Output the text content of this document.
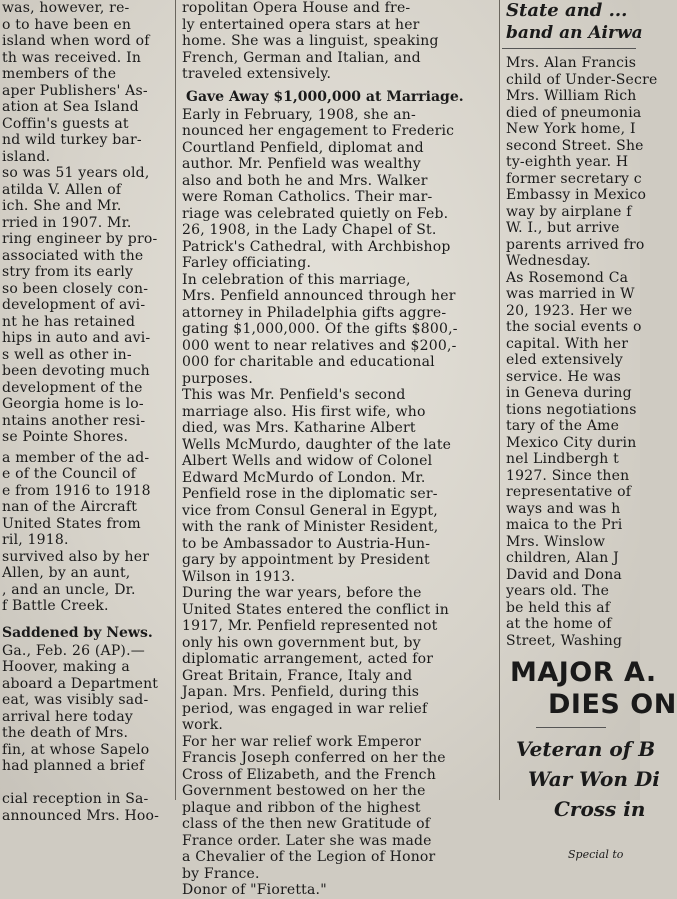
was, however, re-
o to have been en
island when word of
th was received. In
members of the
aper Publishers' As-
ation at Sea Island
Coffin's guests at
nd wild turkey bar-
island.
so was 51 years old,
atilda V. Allen of
ich. She and Mr.
rried in 1907. Mr.
ring engineer by pro-
associated with the
stry from its early
so been closely con-
development of avi-
nt he has retained
hips in auto and avi-
s well as other in-
been devoting much
development of the
Georgia home is lo-
ntains another resi-
se Pointe Shores.
a member of the ad-
e of the Council of
e from 1916 to 1918
nan of the Aircraft
United States from
ril, 1918.
survived also by her
Allen, by an aunt,
, and an uncle, Dr.
f Battle Creek.
Saddened by News.
Ga., Feb. 26 (AP).—
Hoover, making a
aboard a Department
eat, was visibly sad-
arrival here today
the death of Mrs.
fin, at whose Sapelo
had planned a brief
cial reception in Sa-
announced Mrs. Hoo-
ropolitan Opera House and fre-
ly entertained opera stars at her
home. She was a linguist, speaking
French, German and Italian, and
traveled extensively.
Gave Away $1,000,000 at Marriage.
Early in February, 1908, she an-
nounced her engagement to Frederic
Courtland Penfield, diplomat and
author. Mr. Penfield was wealthy
also and both he and Mrs. Walker
were Roman Catholics. Their mar-
riage was celebrated quietly on Feb.
26, 1908, in the Lady Chapel of St.
Patrick's Cathedral, with Archbishop
Farley officiating.
In celebration of this marriage,
Mrs. Penfield announced through her
attorney in Philadelphia gifts aggre-
gating $1,000,000. Of the gifts $800,-
000 went to near relatives and $200,-
000 for charitable and educational
purposes.
This was Mr. Penfield's second
marriage also. His first wife, who
died, was Mrs. Katharine Albert
Wells McMurdo, daughter of the late
Albert Wells and widow of Colonel
Edward McMurdo of London. Mr.
Penfield rose in the diplomatic ser-
vice from Consul General in Egypt,
with the rank of Minister Resident,
to be Ambassador to Austria-Hun-
gary by appointment by President
Wilson in 1913.
During the war years, before the
United States entered the conflict in
1917, Mr. Penfield represented not
only his own government but, by
diplomatic arrangement, acted for
Great Britain, France, Italy and
Japan. Mrs. Penfield, during this
period, was engaged in war relief
work.
For her war relief work Emperor
Francis Joseph conferred on her the
Cross of Elizabeth, and the French
Government bestowed on her the
plaque and ribbon of the highest
class of the then new Gratitude of
France order. Later she was made
a Chevalier of the Legion of Honor
by France.
Donor of "Fioretta."
State and ...
band an Airwa
Mrs. Alan Francis
child of Under-Secre
Mrs. William Rich
died of pneumonia
New York home, I
second Street. She
ty-eighth year. H
former secretary c
Embassy in Mexico
way by airplane f
W. I., but arrive
parents arrived fro
Wednesday.
As Rosemond Ca
was married in W
20, 1923. Her we
the social events o
capital. With her
eled extensively
service. He was
in Geneva during
tions negotiations
tary of the Ame
Mexico City durin
nel Lindbergh t
1927. Since then
representative of
ways and was h
maica to the Pri
Mrs. Winslow
children, Alan J
David and Dona
years old. The
be held this af
at the home of
Street, Washing
MAJOR A.
DIES ON
Veteran of B
War Won Di
Cross in
Special to
